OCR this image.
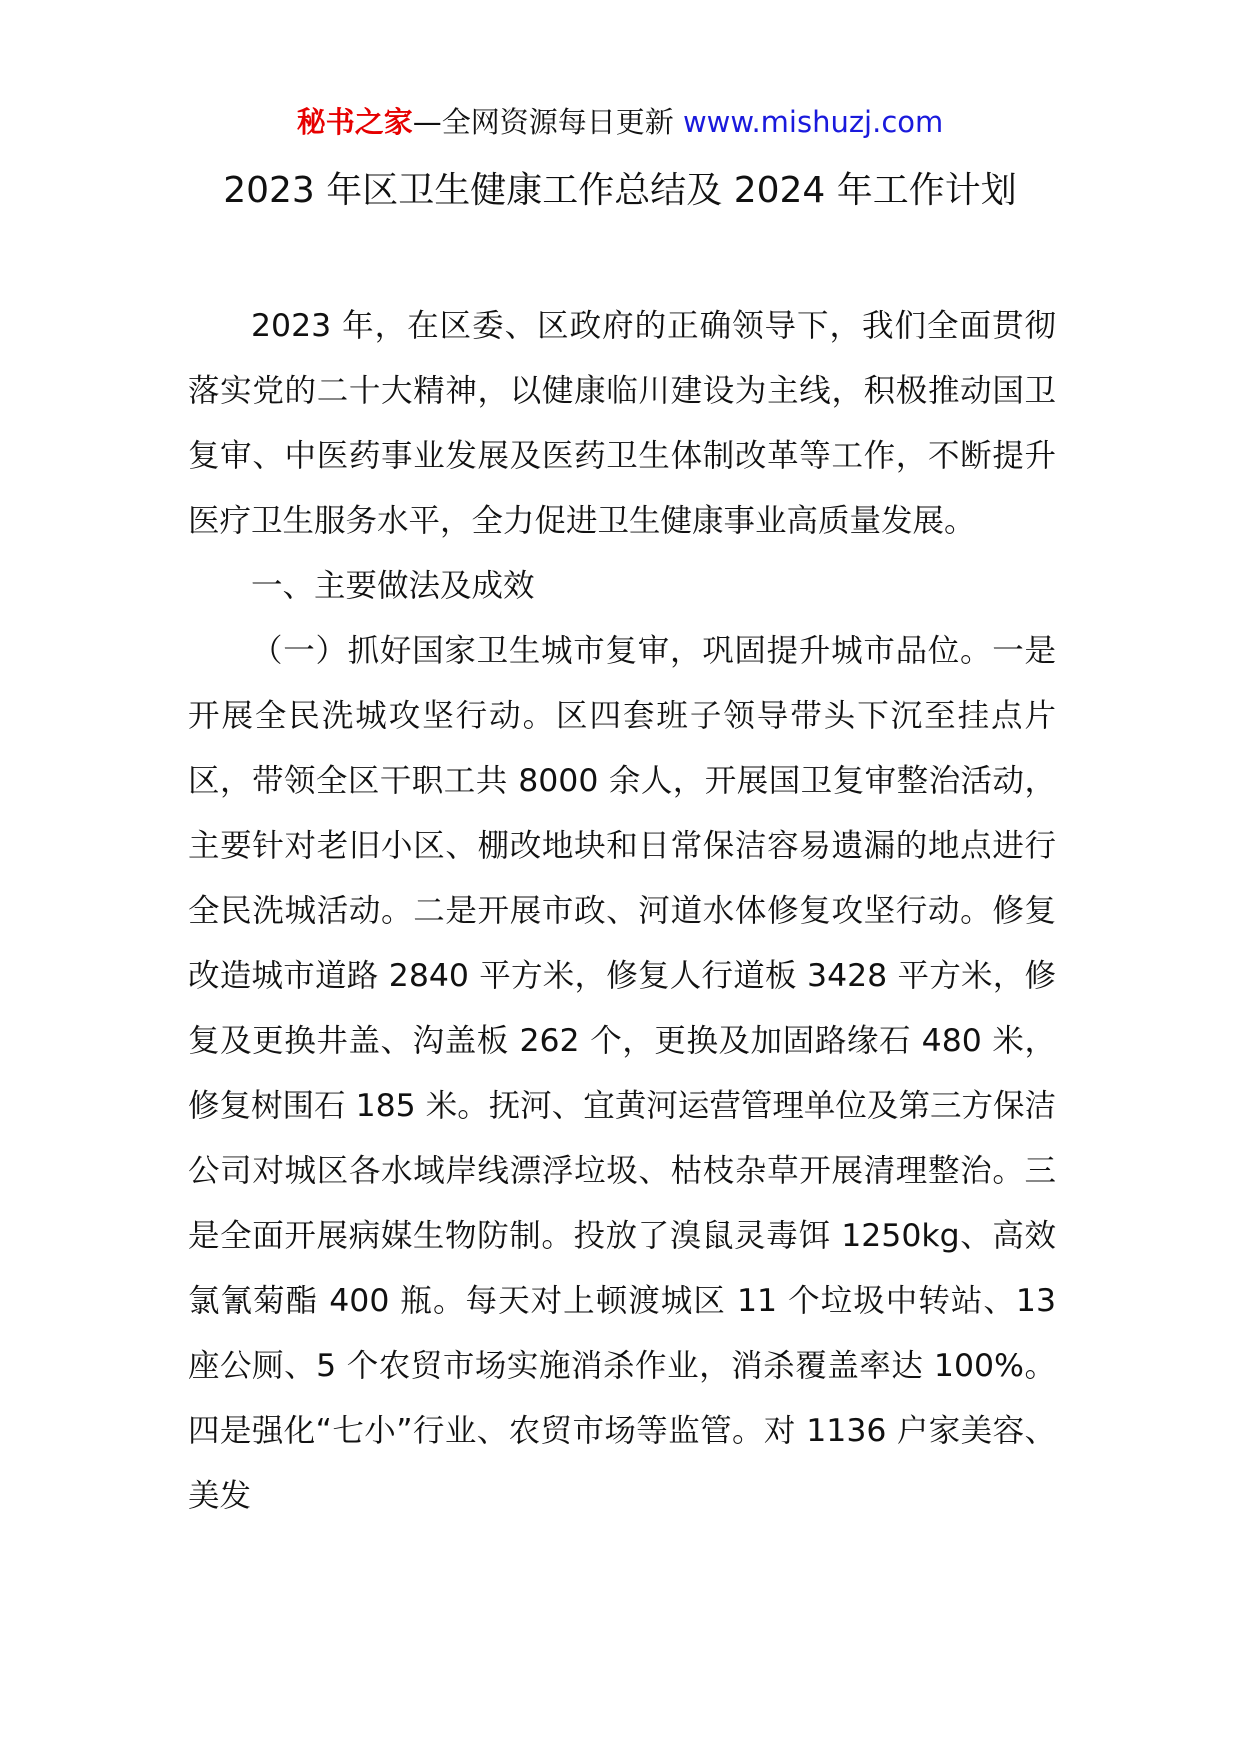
秘书之家—全网资源每日更新 www.mishuzj.com
2023 年区卫生健康工作总结及 2024 年工作计划

2023 年，在区委、区政府的正确领导下，我们全面贯彻落实党的二十大精神，以健康临川建设为主线，积极推动国卫复审、中医药事业发展及医药卫生体制改革等工作，不断提升医疗卫生服务水平，全力促进卫生健康事业高质量发展。

一、主要做法及成效

（一）抓好国家卫生城市复审，巩固提升城市品位。一是开展全民洗城攻坚行动。区四套班子领导带头下沉至挂点片区，带领全区干职工共 8000 余人，开展国卫复审整治活动，主要针对老旧小区、棚改地块和日常保洁容易遗漏的地点进行全民洗城活动。二是开展市政、河道水体修复攻坚行动。修复改造城市道路 2840 平方米，修复人行道板 3428 平方米，修复及更换井盖、沟盖板 262 个，更换及加固路缘石 480 米，修复树围石 185 米。抚河、宜黄河运营管理单位及第三方保洁公司对城区各水域岸线漂浮垃圾、枯枝杂草开展清理整治。三是全面开展病媒生物防制。投放了溴鼠灵毒饵 1250kg、高效氯氰菊酯 400 瓶。每天对上顿渡城区 11 个垃圾中转站、13 座公厕、5 个农贸市场实施消杀作业，消杀覆盖率达 100%。四是强化“七小”行业、农贸市场等监管。对 1136 户家美容、美发
